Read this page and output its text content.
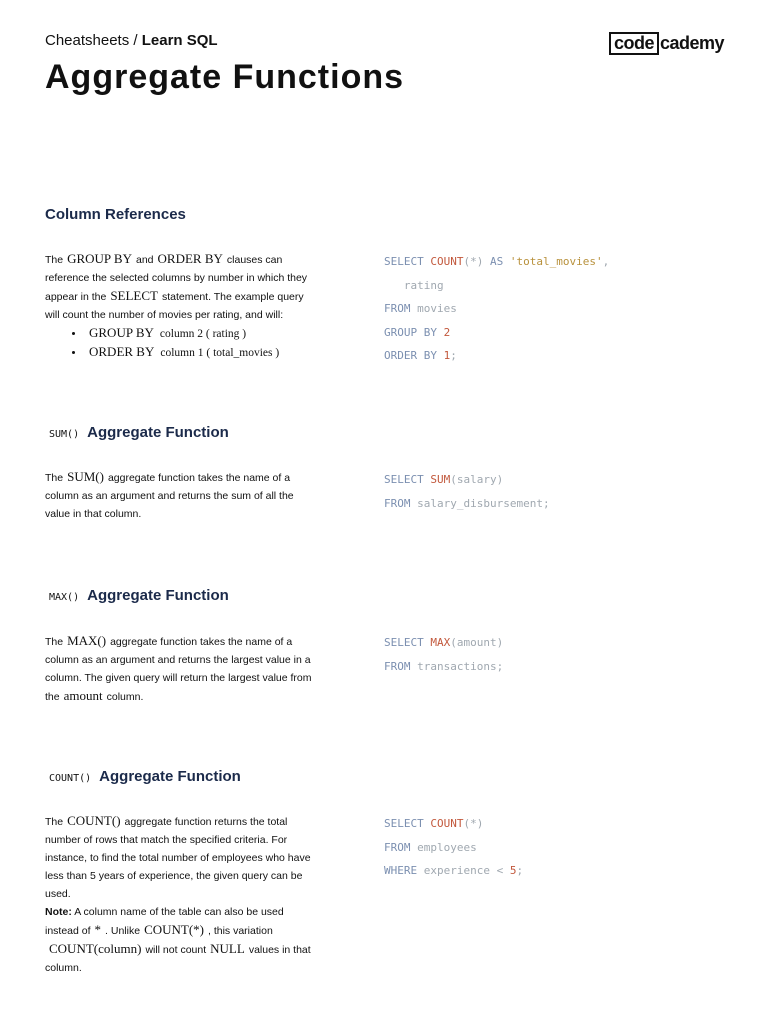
Cheatsheets / Learn SQL	code cademy
Aggregate Functions
Column References
The GROUP BY and ORDER BY clauses can
reference the selected columns by number in which they
appear in the SELECT statement. The example query
will count the number of movies per rating, and will:
• GROUP BY column 2 ( rating )
• ORDER BY column 1 ( total_movies )
SELECT COUNT(*) AS 'total_movies',
rating
FROM movies
GROUP BY 2
ORDER BY 1;
SUM() Aggregate Function
The SUM() aggregate function takes the name of a
column as an argument and returns the sum of all the
value in that column.
SELECT SUM(salary)
FROM salary_disbursement;
MAX() Aggregate Function
The MAX() aggregate function takes the name of a
column as an argument and returns the largest value in a
column. The given query will return the largest value from
the amount column.
SELECT MAX(amount)
FROM transactions;
COUNT() Aggregate Function
The COUNT() aggregate function returns the total
number of rows that match the specified criteria. For
instance, to find the total number of employees who have
less than 5 years of experience, the given query can be
used.
Note: A column name of the table can also be used
instead of * . Unlike COUNT(*) , this variation
COUNT(column) will not count NULL values in that
column.
SELECT COUNT(*)
FROM employees
WHERE experience < 5;
